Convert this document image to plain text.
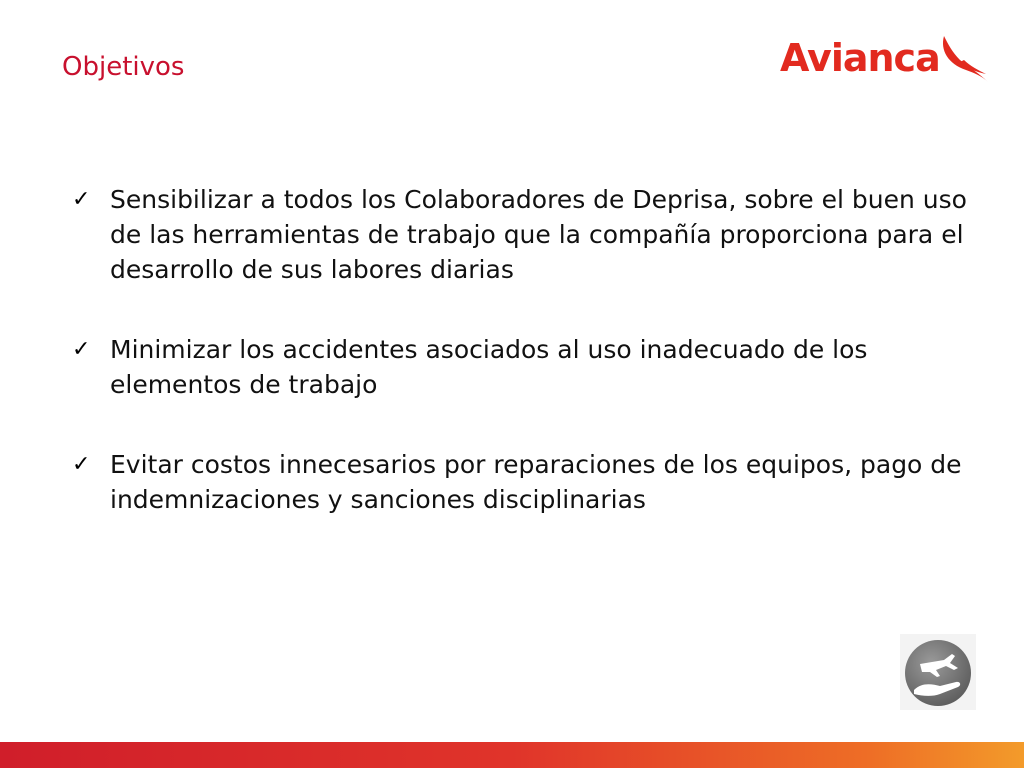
Objetivos	Avianca
✓ Sensibilizar a todos los Colaboradores de Deprisa, sobre el buen uso de las herramientas de trabajo que la compañía proporciona para el desarrollo de sus labores diarias
✓ Minimizar los accidentes asociados al uso inadecuado de los elementos de trabajo
✓ Evitar costos innecesarios por reparaciones de los equipos, pago de indemnizaciones y sanciones disciplinarias
